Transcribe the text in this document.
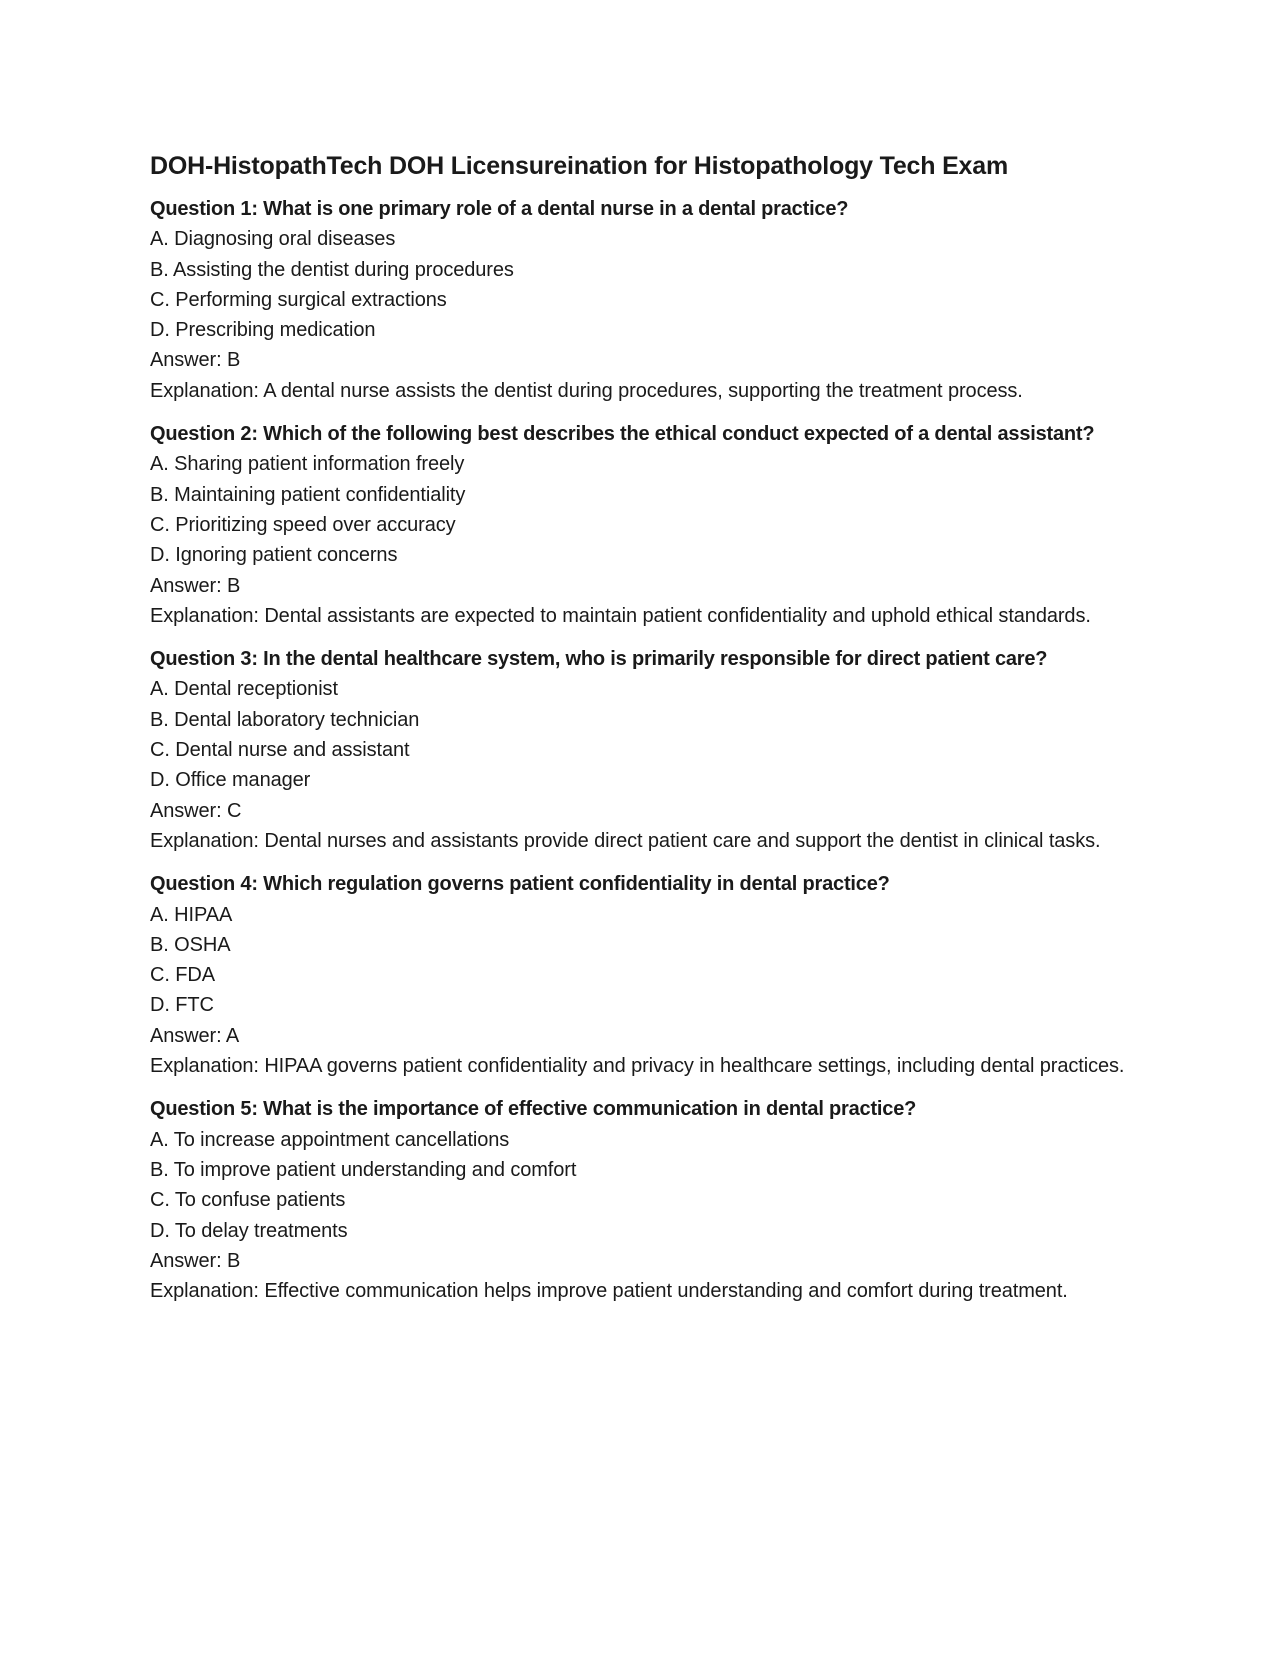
DOH-HistopathTech DOH Licensureination for Histopathology Tech Exam
Question 1: What is one primary role of a dental nurse in a dental practice?
A. Diagnosing oral diseases
B. Assisting the dentist during procedures
C. Performing surgical extractions
D. Prescribing medication
Answer: B
Explanation: A dental nurse assists the dentist during procedures, supporting the treatment process.
Question 2: Which of the following best describes the ethical conduct expected of a dental assistant?
A. Sharing patient information freely
B. Maintaining patient confidentiality
C. Prioritizing speed over accuracy
D. Ignoring patient concerns
Answer: B
Explanation: Dental assistants are expected to maintain patient confidentiality and uphold ethical standards.
Question 3: In the dental healthcare system, who is primarily responsible for direct patient care?
A. Dental receptionist
B. Dental laboratory technician
C. Dental nurse and assistant
D. Office manager
Answer: C
Explanation: Dental nurses and assistants provide direct patient care and support the dentist in clinical tasks.
Question 4: Which regulation governs patient confidentiality in dental practice?
A. HIPAA
B. OSHA
C. FDA
D. FTC
Answer: A
Explanation: HIPAA governs patient confidentiality and privacy in healthcare settings, including dental practices.
Question 5: What is the importance of effective communication in dental practice?
A. To increase appointment cancellations
B. To improve patient understanding and comfort
C. To confuse patients
D. To delay treatments
Answer: B
Explanation: Effective communication helps improve patient understanding and comfort during treatment.
